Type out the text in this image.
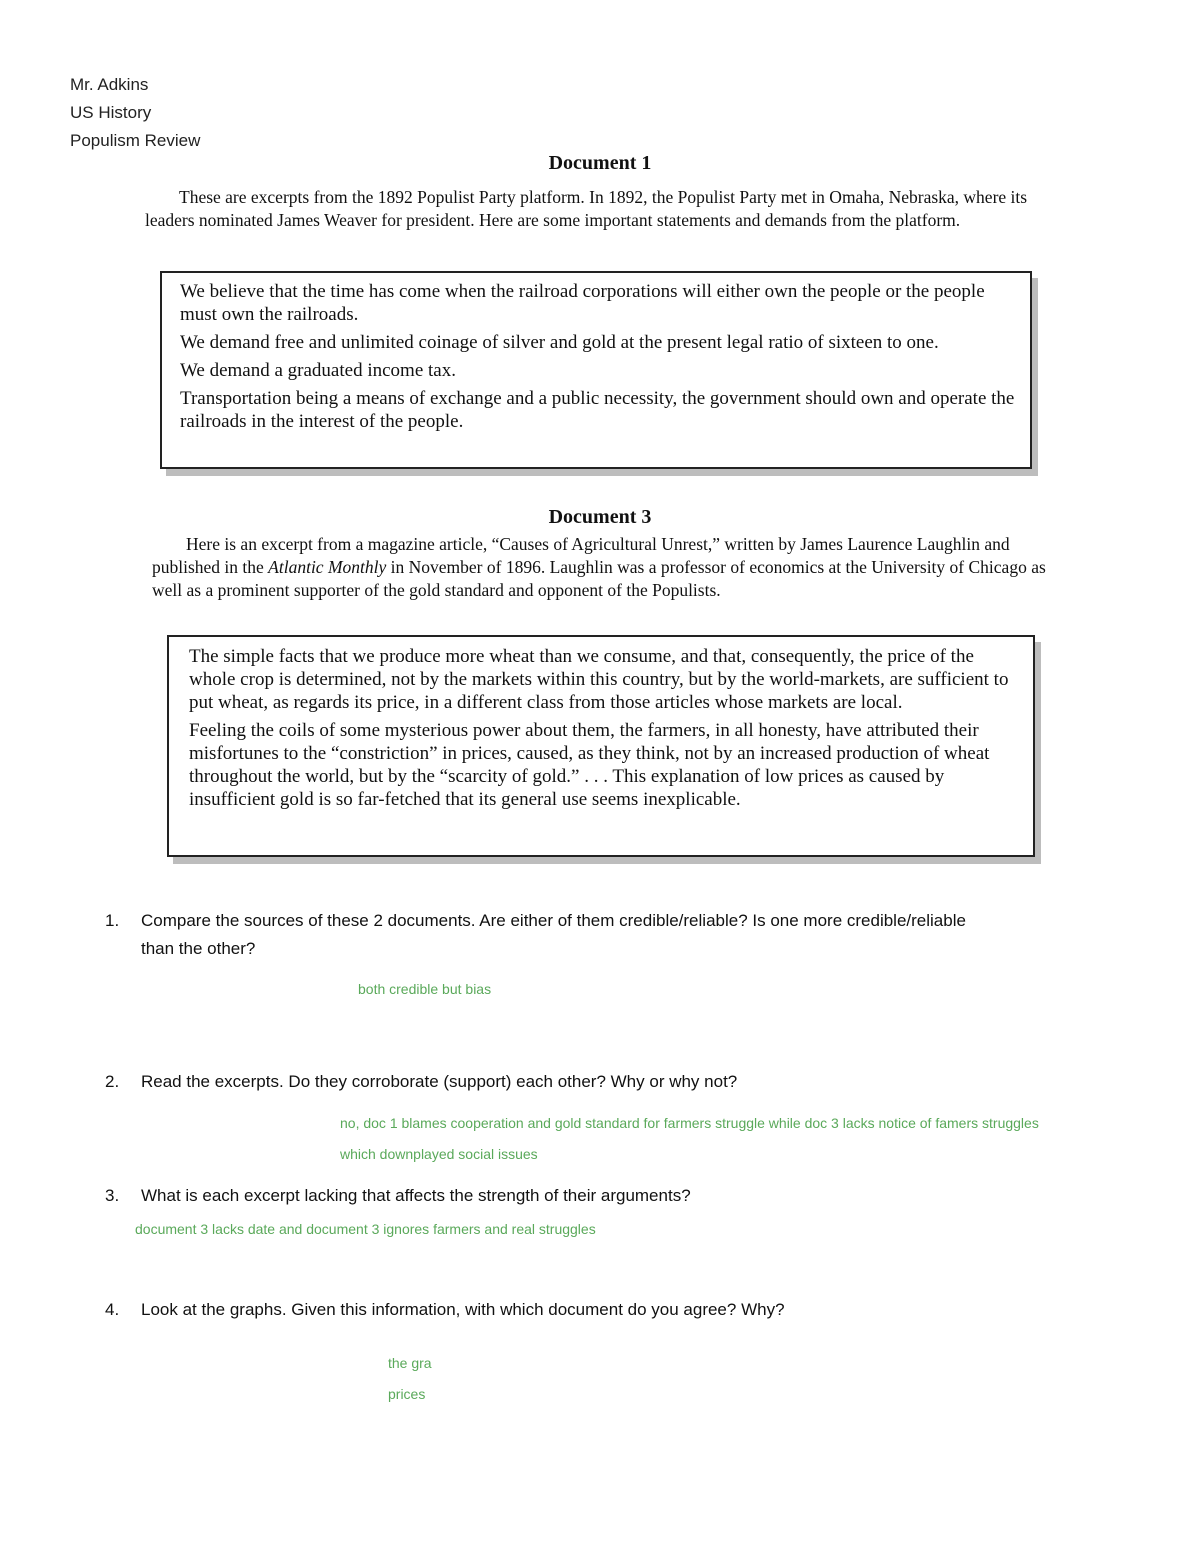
Mr. Adkins
US History
Populism Review
Document 1
These are excerpts from the 1892 Populist Party platform. In 1892, the Populist Party met in Omaha, Nebraska, where its leaders nominated James Weaver for president. Here are some important statements and demands from the platform.

We believe that the time has come when the railroad corporations will either own the people or the people must own the railroads.

We demand free and unlimited coinage of silver and gold at the present legal ratio of sixteen to one.

We demand a graduated income tax.

Transportation being a means of exchange and a public necessity, the government should own and operate the railroads in the interest of the people.

Document 3
Here is an excerpt from a magazine article, “Causes of Agricultural Unrest,” written by James Laurence Laughlin and published in the Atlantic Monthly in November of 1896. Laughlin was a professor of economics at the University of Chicago as well as a prominent supporter of the gold standard and opponent of the Populists.

The simple facts that we produce more wheat than we consume, and that, consequently, the price of the whole crop is determined, not by the markets within this country, but by the world-markets, are sufficient to put wheat, as regards its price, in a different class from those articles whose markets are local.

Feeling the coils of some mysterious power about them, the farmers, in all honesty, have attributed their misfortunes to the “constriction” in prices, caused, as they think, not by an increased production of wheat throughout the world, but by the “scarcity of gold.” . . . This explanation of low prices as caused by insufficient gold is so far-fetched that its general use seems inexplicable.

1. Compare the sources of these 2 documents. Are either of them credible/reliable? Is one more credible/reliable
than the other?
both credible but bias
2. Read the excerpts. Do they corroborate (support) each other? Why or why not?
no, doc 1 blames cooperation and gold standard for farmers struggle while doc 3 lacks notice of famers struggles
which downplayed social issues
3. What is each excerpt lacking that affects the strength of their arguments?
document 3 lacks date and document 3 ignores farmers and real struggles
4. Look at the graphs. Given this information, with which document do you agree? Why?
the gra
prices
